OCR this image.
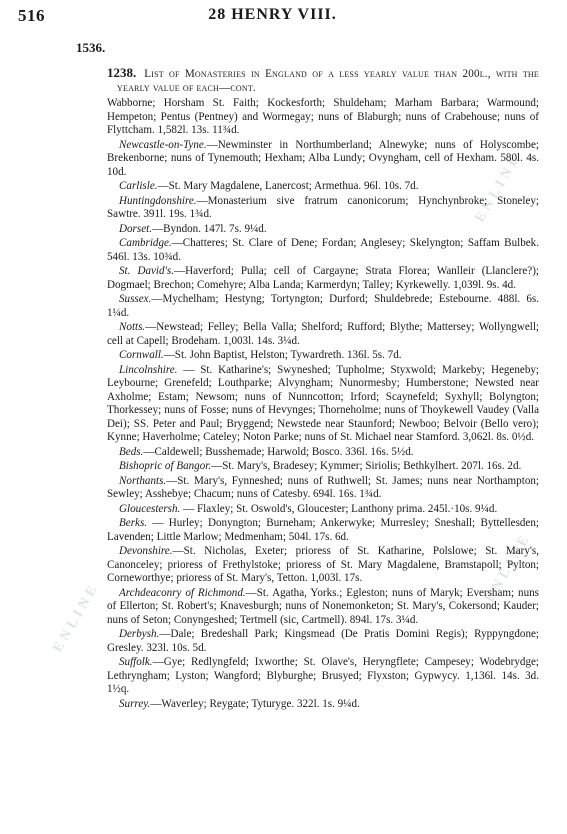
ENLINE
ENLINE
ENLINE
516	28 HENRY VIII.
1536.
1238. List of Monasteries in England of a less yearly value than 200l., with the yearly value of each—cont.

Wabborne; Horsham St. Faith; Kockesforth; Shuldeham; Marham Barbara; Warmound; Hempeton; Pentus (Pentney) and Wormegay; nuns of Blaburgh; nuns of Crabehouse; nuns of Flyttcham. 1,582l. 13s. 11¾d.

Newcastle-on-Tyne.—Newminster in Northumberland; Alnewyke; nuns of Holyscombe; Brekenborne; nuns of Tynemouth; Hexham; Alba Lundy; Ovyngham, cell of Hexham. 580l. 4s. 10d.

Carlisle.—St. Mary Magdalene, Lanercost; Armethua. 96l. 10s. 7d.

Huntingdonshire.—Monasterium sive fratrum canonicorum; Hynchynbroke; Stoneley; Sawtre. 391l. 19s. 1¾d.

Dorset.—Byndon. 147l. 7s. 9¼d.

Cambridge.—Chatteres; St. Clare of Dene; Fordan; Anglesey; Skelyngton; Saffam Bulbek. 546l. 13s. 10¾d.

St. David's.—Haverford; Pulla; cell of Cargayne; Strata Florea; Wanlleir (Llanclere?); Dogmael; Brechon; Comehyre; Alba Landa; Karmerdyn; Talley; Kyrkewelly. 1,039l. 9s. 4d.

Sussex.—Mychelham; Hestyng; Tortyngton; Durford; Shuldebrede; Estebourne. 488l. 6s. 1¼d.

Notts.—Newstead; Felley; Bella Valla; Shelford; Rufford; Blythe; Mattersey; Wollyngwell; cell at Capell; Brodeham. 1,003l. 14s. 3¼d.

Cornwall.—St. John Baptist, Helston; Tywardreth. 136l. 5s. 7d.

Lincolnshire. — St. Katharine's; Swyneshed; Tupholme; Styxwold; Markeby; Hegeneby; Leybourne; Grenefeld; Louthparke; Alvyngham; Nunormesby; Humberstone; Newsted near Axholme; Estam; Newsom; nuns of Nunncotton; Irford; Scaynefeld; Syxhyll; Bolyngton; Thorkessey; nuns of Fosse; nuns of Hevynges; Thorneholme; nuns of Thoykewell Vaudey (Valla Dei); SS. Peter and Paul; Bryggend; Newstede near Staunford; Newboo; Belvoir (Bello vero); Kynne; Haverholme; Cateley; Noton Parke; nuns of St. Michael near Stamford. 3,062l. 8s. 0½d.

Beds.—Caldewell; Busshemade; Harwold; Bosco. 336l. 16s. 5½d.

Bishopric of Bangor.—St. Mary's, Bradesey; Kymmer; Siriolis; Bethkylhert. 207l. 16s. 2d.

Northants.—St. Mary's, Fynneshed; nuns of Ruthwell; St. James; nuns near Northampton; Sewley; Asshebye; Chacum; nuns of Catesby. 694l. 16s. 1¾d.

Gloucestersh. — Flaxley; St. Oswold's, Gloucester; Lanthony prima. 245l.·10s. 9¼d.

Berks. — Hurley; Donyngton; Burneham; Ankerwyke; Murresley; Sneshall; Byttellesden; Lavenden; Little Marlow; Medmenham; 504l. 17s. 6d.

Devonshire.—St. Nicholas, Exeter; prioress of St. Katharine, Polslowe; St. Mary's, Canonceley; prioress of Frethylstoke; prioress of St. Mary Magdalene, Bramstapoll; Pylton; Corneworthye; prioress of St. Mary's, Tetton. 1,003l. 17s.

Archdeaconry of Richmond.—St. Agatha, Yorks.; Egleston; nuns of Maryk; Eversham; nuns of Ellerton; St. Robert's; Knavesburgh; nuns of Nonemonketon; St. Mary's, Cokersond; Kauder; nuns of Seton; Conyngeshed; Tertmell (sic, Cartmell). 894l. 17s. 3¼d.

Derbysh.—Dale; Bredeshall Park; Kingsmead (De Pratis Domini Regis); Ryppyngdone; Gresley. 323l. 10s. 5d.

Suffolk.—Gye; Redlyngfeld; Ixworthe; St. Olave's, Heryngflete; Campesey; Wodebrydge; Lethryngham; Lyston; Wangford; Blyburghe; Brusyed; Flyxston; Gypwycy. 1,136l. 14s. 3d. 1½q.

Surrey.—Waverley; Reygate; Tyturyge. 322l. 1s. 9¼d.
